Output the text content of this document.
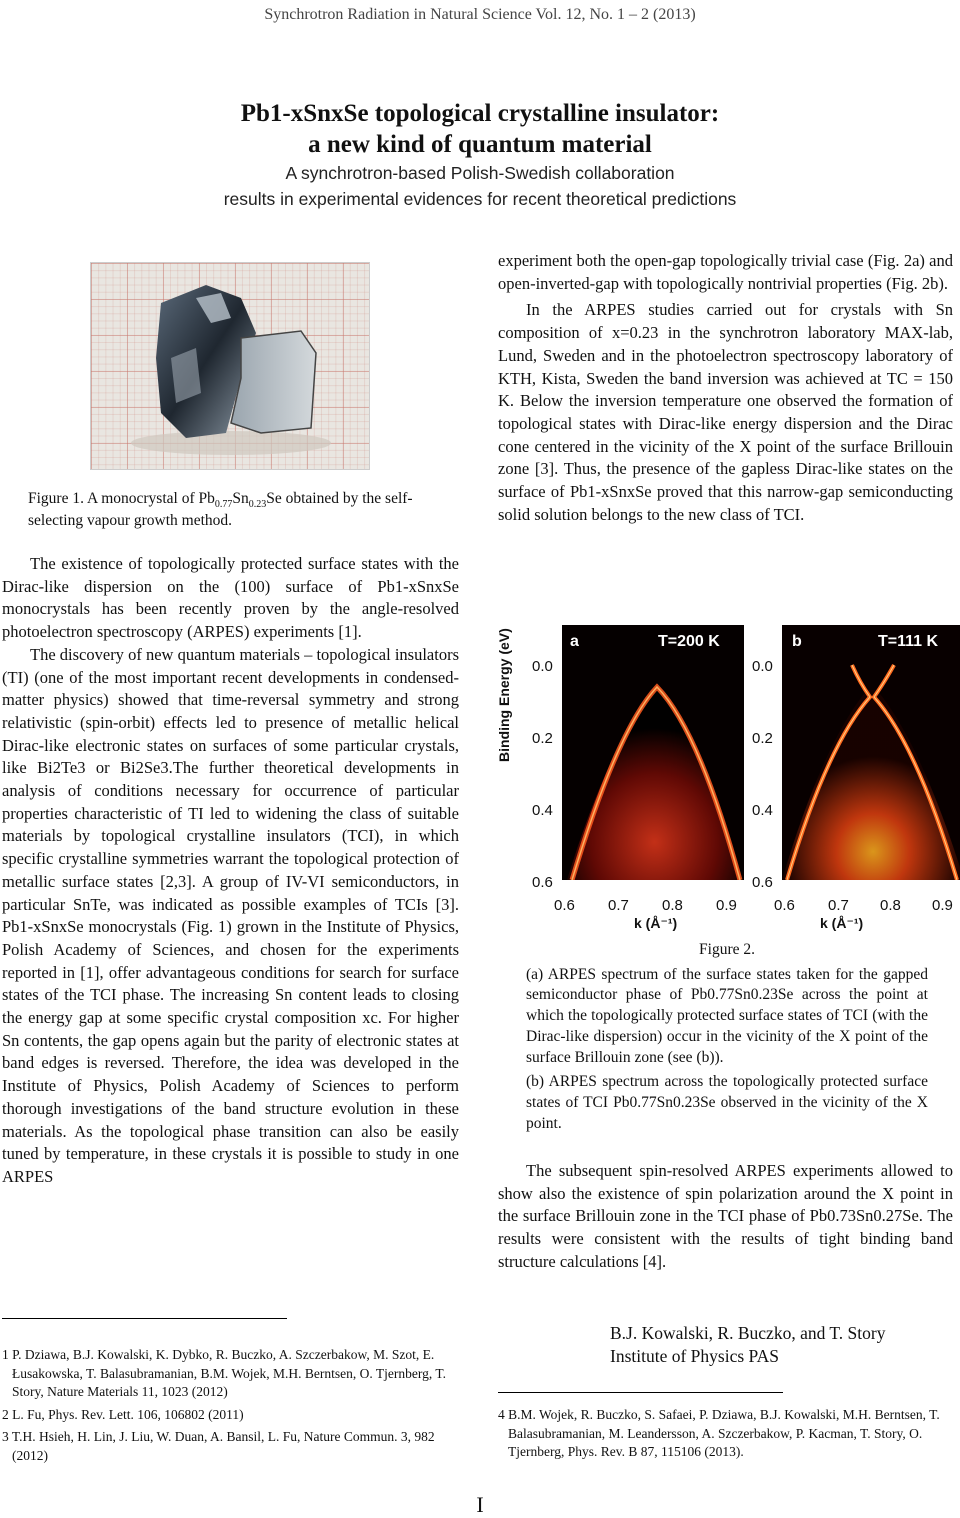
Synchrotron Radiation in Natural Science Vol. 12, No. 1 – 2 (2013)
Pb1-xSnxSe topological crystalline insulator:
a new kind of quantum material
A synchrotron-based Polish-Swedish collaboration
results in experimental evidences for recent theoretical predictions
Figure 1. A monocrystal of $Pb_{0.77}Sn_{0.23}Se$ obtained by the self-selecting vapour growth method.

The existence of topologically protected surface states with the Dirac-like dispersion on the (100) surface of Pb1-xSnxSe monocrystals has been recently proven by the angle-resolved photoelectron spectroscopy (ARPES) experiments [1].

The discovery of new quantum materials – topological insulators (TI) (one of the most important recent developments in condensed-matter physics) showed that time-reversal symmetry and strong relativistic (spin-orbit) effects led to presence of metallic helical Dirac-like electronic states on surfaces of some particular crystals, like Bi2Te3 or Bi2Se3.The further theoretical developments in analysis of conditions necessary for occurrence of particular properties characteristic of TI led to widening the class of suitable materials by topological crystalline insulators (TCI), in which specific crystalline symmetries warrant the topological protection of metallic surface states [2,3]. A group of IV-VI semiconductors, in particular SnTe, was indicated as possible examples of TCIs [3]. Pb1-xSnxSe monocrystals (Fig. 1) grown in the Institute of Physics, Polish Academy of Sciences, and chosen for the experiments reported in [1], offer advantageous conditions for search for surface states of the TCI phase. The increasing Sn content leads to closing the energy gap at some specific crystal composition xc. For higher Sn contents, the gap opens again but the parity of electronic states at band edges is reversed. Therefore, the idea was developed in the Institute of Physics, Polish Academy of Sciences to perform thorough investigations of the band structure evolution in these materials. As the topological phase transition can also be easily tuned by temperature, in these crystals it is possible to study in one ARPES

1 P. Dziawa, B.J. Kowalski, K. Dybko, R. Buczko, A. Szczerbakow, M. Szot, E. Łusakowska, T. Balasubramanian, B.M. Wojek, M.H. Berntsen, O. Tjernberg, T. Story, Nature Materials 11, 1023 (2012)

2 L. Fu, Phys. Rev. Lett. 106, 106802 (2011)

3 T.H. Hsieh, H. Lin, J. Liu, W. Duan, A. Bansil, L. Fu, Nature Commun. 3, 982 (2012)

experiment both the open-gap topologically trivial case (Fig. 2a) and open-inverted-gap with topologically nontrivial properties (Fig. 2b).

In the ARPES studies carried out for crystals with Sn composition of x=0.23 in the synchrotron laboratory MAX-lab, Lund, Sweden and in the photoelectron spectroscopy laboratory of KTH, Kista, Sweden the band inversion was achieved at TC = 150 K. Below the inversion temperature one observed the formation of topological states with Dirac-like energy dispersion and the Dirac cone centered in the vicinity of the X point of the surface Brillouin zone [3]. Thus, the presence of the gapless Dirac-like states on the surface of Pb1-xSnxSe proved that this narrow-gap semiconducting solid solution belongs to the new class of TCI.

Binding Energy (eV) 0.0
0.2
0.4
0.6
a	T=200 K
0.0
0.2
0.4
0.6
b	T=111 K
0.6 0.7 0.8 0.9
k (Å⁻¹)
0.6 0.7 0.8 0.9
k (Å⁻¹)

Figure 2.

(a) ARPES spectrum of the surface states taken for the gapped semiconductor phase of Pb0.77Sn0.23Se across the point at which the topologically protected surface states of TCI (with the Dirac-like dispersion) occur in the vicinity of the X point of the surface Brillouin zone (see (b)).

(b) ARPES spectrum across the topologically protected surface states of TCI Pb0.77Sn0.23Se observed in the vicinity of the X point.

The subsequent spin-resolved ARPES experiments allowed to show also the existence of spin polarization around the X point in the surface Brillouin zone in the TCI phase of Pb0.73Sn0.27Se. The results were consistent with the results of tight binding band structure calculations [4].

B.J. Kowalski, R. Buczko, and T. Story
Institute of Physics PAS

4 B.M. Wojek, R. Buczko, S. Safaei, P. Dziawa, B.J. Kowalski, M.H. Berntsen, T. Balasubramanian, M. Leandersson, A. Szczerbakow, P. Kacman, T. Story, O. Tjernberg, Phys. Rev. B 87, 115106 (2013).

I
